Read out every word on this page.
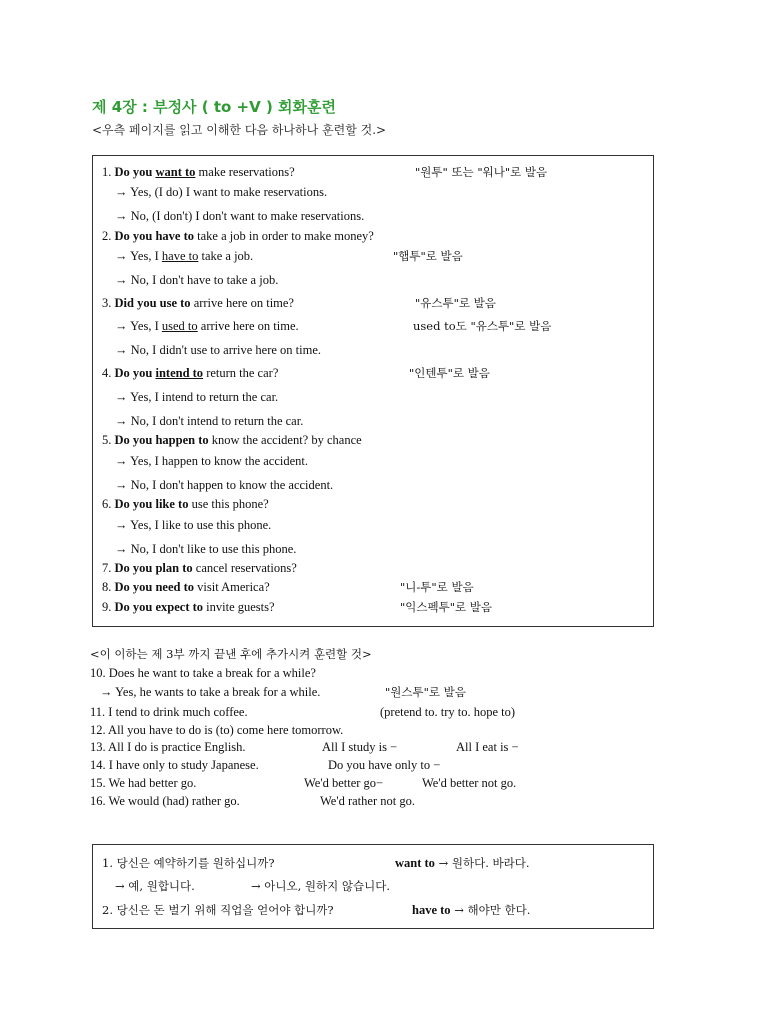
제 4장 : 부정사 ( to +V ) 회화훈련
<우측 페이지를 읽고 이해한 다음 하나하나 훈련할 것.>
1. Do you want to make reservations?	"원투" 또는 "워나"로 발음
→ Yes, (I do) I want to make reservations.
→ No, (I don't) I don't want to make reservations.
2. Do you have to take a job in order to make money?
→ Yes, I have to take a job.	"햅투"로 발음
→ No, I don't have to take a job.
3. Did you use to arrive here on time?	"유스투"로 발음
→ Yes, I used to arrive here on time.	used to도 "유스투"로 발음
→ No, I didn't use to arrive here on time.
4. Do you intend to return the car?	"인텐투"로 발음
→ Yes, I intend to return the car.
→ No, I don't intend to return the car.
5. Do you happen to know the accident? by chance
→ Yes, I happen to know the accident.
→ No, I don't happen to know the accident.
6. Do you like to use this phone?
→ Yes, I like to use this phone.
→ No, I don't like to use this phone.
7. Do you plan to cancel reservations?
8. Do you need to visit America?	"니-투"로 발음
9. Do you expect to invite guests?	"익스펙투"로 발음
<이 이하는 제 3부 까지 끝낸 후에 추가시켜 훈련할 것>
10. Does he want to take a break for a while?
→ Yes, he wants to take a break for a while.	"원스투"로 발음
11. I tend to drink much coffee.	(pretend to. try to. hope to)
12. All you have to do is (to) come here tomorrow.
13. All I do is practice English.	All I study is −	All I eat is −
14. I have only to study Japanese.	Do you have only to −
15. We had better go.	We'd better go−	We'd better not go.
16. We would (had) rather go.	We'd rather not go.
1. 당신은 예약하기를 원하십니까?	want to → 원하다. 바라다.
→ 예, 원합니다.	→ 아니오, 원하지 않습니다.
2. 당신은 돈 벌기 위해 직업을 얻어야 합니까?	have to → 해야만 한다.
